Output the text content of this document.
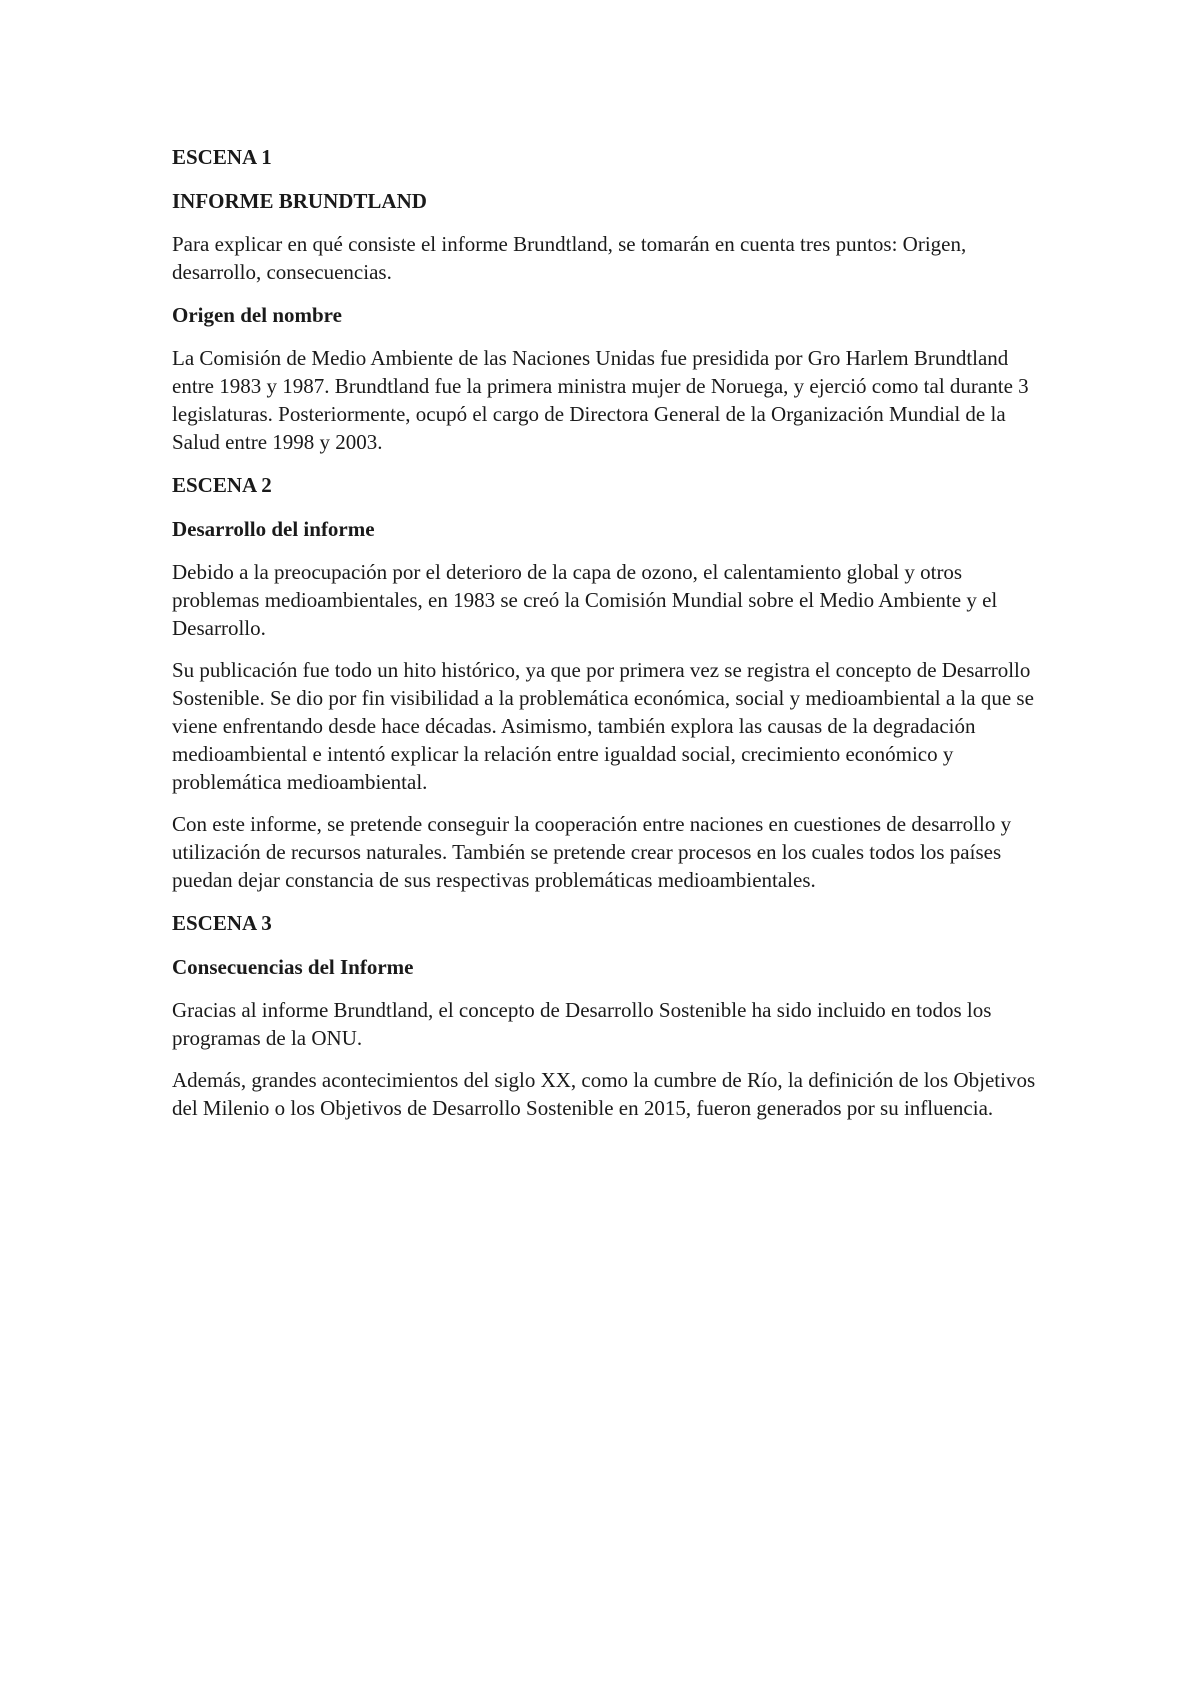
ESCENA 1
INFORME BRUNDTLAND

Para explicar en qué consiste el informe Brundtland, se tomarán en cuenta tres puntos: Origen, desarrollo, consecuencias.

Origen del nombre

La Comisión de Medio Ambiente de las Naciones Unidas fue presidida por Gro Harlem Brundtland entre 1983 y 1987. Brundtland fue la primera ministra mujer de Noruega, y ejerció como tal durante 3 legislaturas. Posteriormente, ocupó el cargo de Directora General de la Organización Mundial de la Salud entre 1998 y 2003.

ESCENA 2
Desarrollo del informe

Debido a la preocupación por el deterioro de la capa de ozono, el calentamiento global y otros problemas medioambientales, en 1983 se creó la Comisión Mundial sobre el Medio Ambiente y el Desarrollo.

Su publicación fue todo un hito histórico, ya que por primera vez se registra el concepto de Desarrollo Sostenible. Se dio por fin visibilidad a la problemática económica, social y medioambiental a la que se viene enfrentando desde hace décadas. Asimismo, también explora las causas de la degradación medioambiental e intentó explicar la relación entre igualdad social, crecimiento económico y problemática medioambiental.

Con este informe, se pretende conseguir la cooperación entre naciones en cuestiones de desarrollo y utilización de recursos naturales. También se pretende crear procesos en los cuales todos los países puedan dejar constancia de sus respectivas problemáticas medioambientales.

ESCENA 3
Consecuencias del Informe

Gracias al informe Brundtland, el concepto de Desarrollo Sostenible ha sido incluido en todos los programas de la ONU.

Además, grandes acontecimientos del siglo XX, como la cumbre de Río, la definición de los Objetivos del Milenio o los Objetivos de Desarrollo Sostenible en 2015, fueron generados por su influencia.
